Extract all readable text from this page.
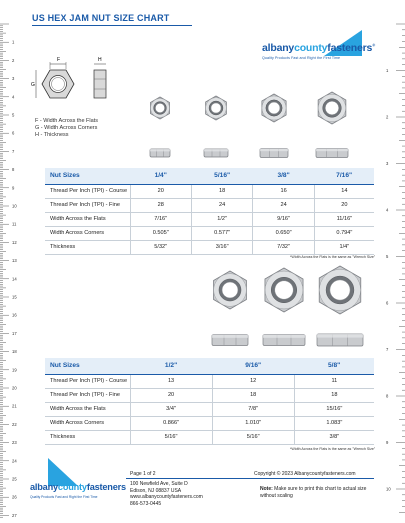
1
2
3
4
5
6
7
8
9
10
11
12
13
14
15
16
17
18
19
20
21
22
23
24
25
26
27
1
2
3
4
5
6
7
8
9
10
US HEX JAM NUT SIZE CHART
albanycountyfasteners®
Quality Products Fast and Right the First Time
F
G
H
F - Width Across the Flats
G - Width Across Corners
H - Thickness
Nut Sizes	1/4"	5/16"	3/8"	7/16"
Thread Per Inch (TPI) - Course	20	18	16	14
Thread Per Inch (TPI) - Fine	28	24	24	20
Width Across the Flats	7/16"	1/2"	9/16"	11/16"
Width Across Corners	0.505"	0.577"	0.650"	0.794"
Thickness	5/32"	3/16"	7/32"	1/4"
*Width Across the Flats is the same as "Wrench Size"
Nut Sizes	1/2"	9/16"	5/8"
Thread Per Inch (TPI) - Course	13	12	11
Thread Per Inch (TPI) - Fine	20	18	18
Width Across the Flats	3/4"	7/8"	15/16"
Width Across Corners	0.866"	1.010"	1.083"
Thickness	5/16"	5/16"	3/8"
*Width Across the Flats is the same as "Wrench Size"
albanycountyfasteners
Quality Products Fast and Right the First Time
Page 1 of 2
100 Newfield Ave, Suite D
Edison, NJ 08837 USA
www.albanycountyfasteners.com
866-573-0445
Copyright © 2023 Albanycountyfasteners.com
Note: Make sure to print this chart to actual size
without scaling
